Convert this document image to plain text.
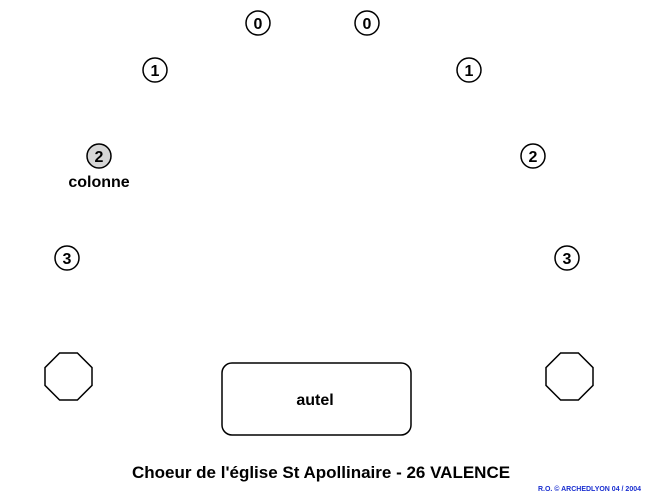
0	0
1	1
2	2
3	3
colonne
autel
Choeur de l'église St Apollinaire - 26 VALENCE
R.O. © ARCHEDLYON 04 / 2004
